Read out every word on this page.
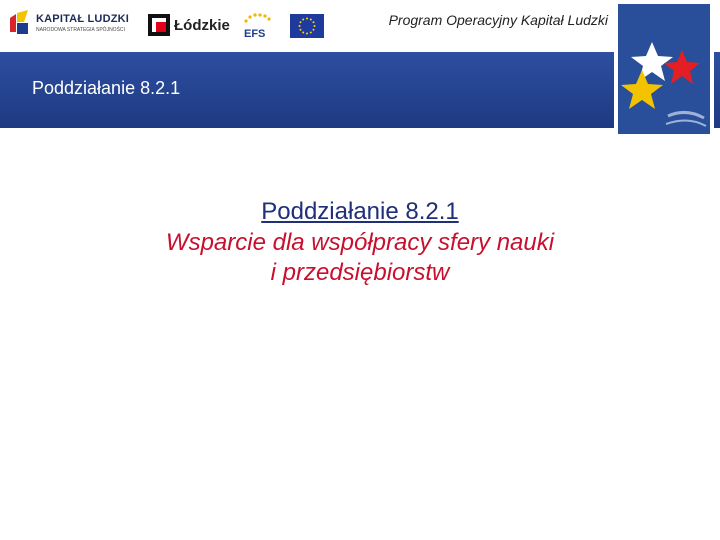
KAPITAŁ LUDZKI
NARODOWA STRATEGIA SPÓJNOŚCI	Łódzkie
EFS
Program Operacyjny Kapitał Ludzki
Poddziałanie 8.2.1
Poddziałanie 8.2.1
Wsparcie dla współpracy sfery nauki
i przedsiębiorstw
